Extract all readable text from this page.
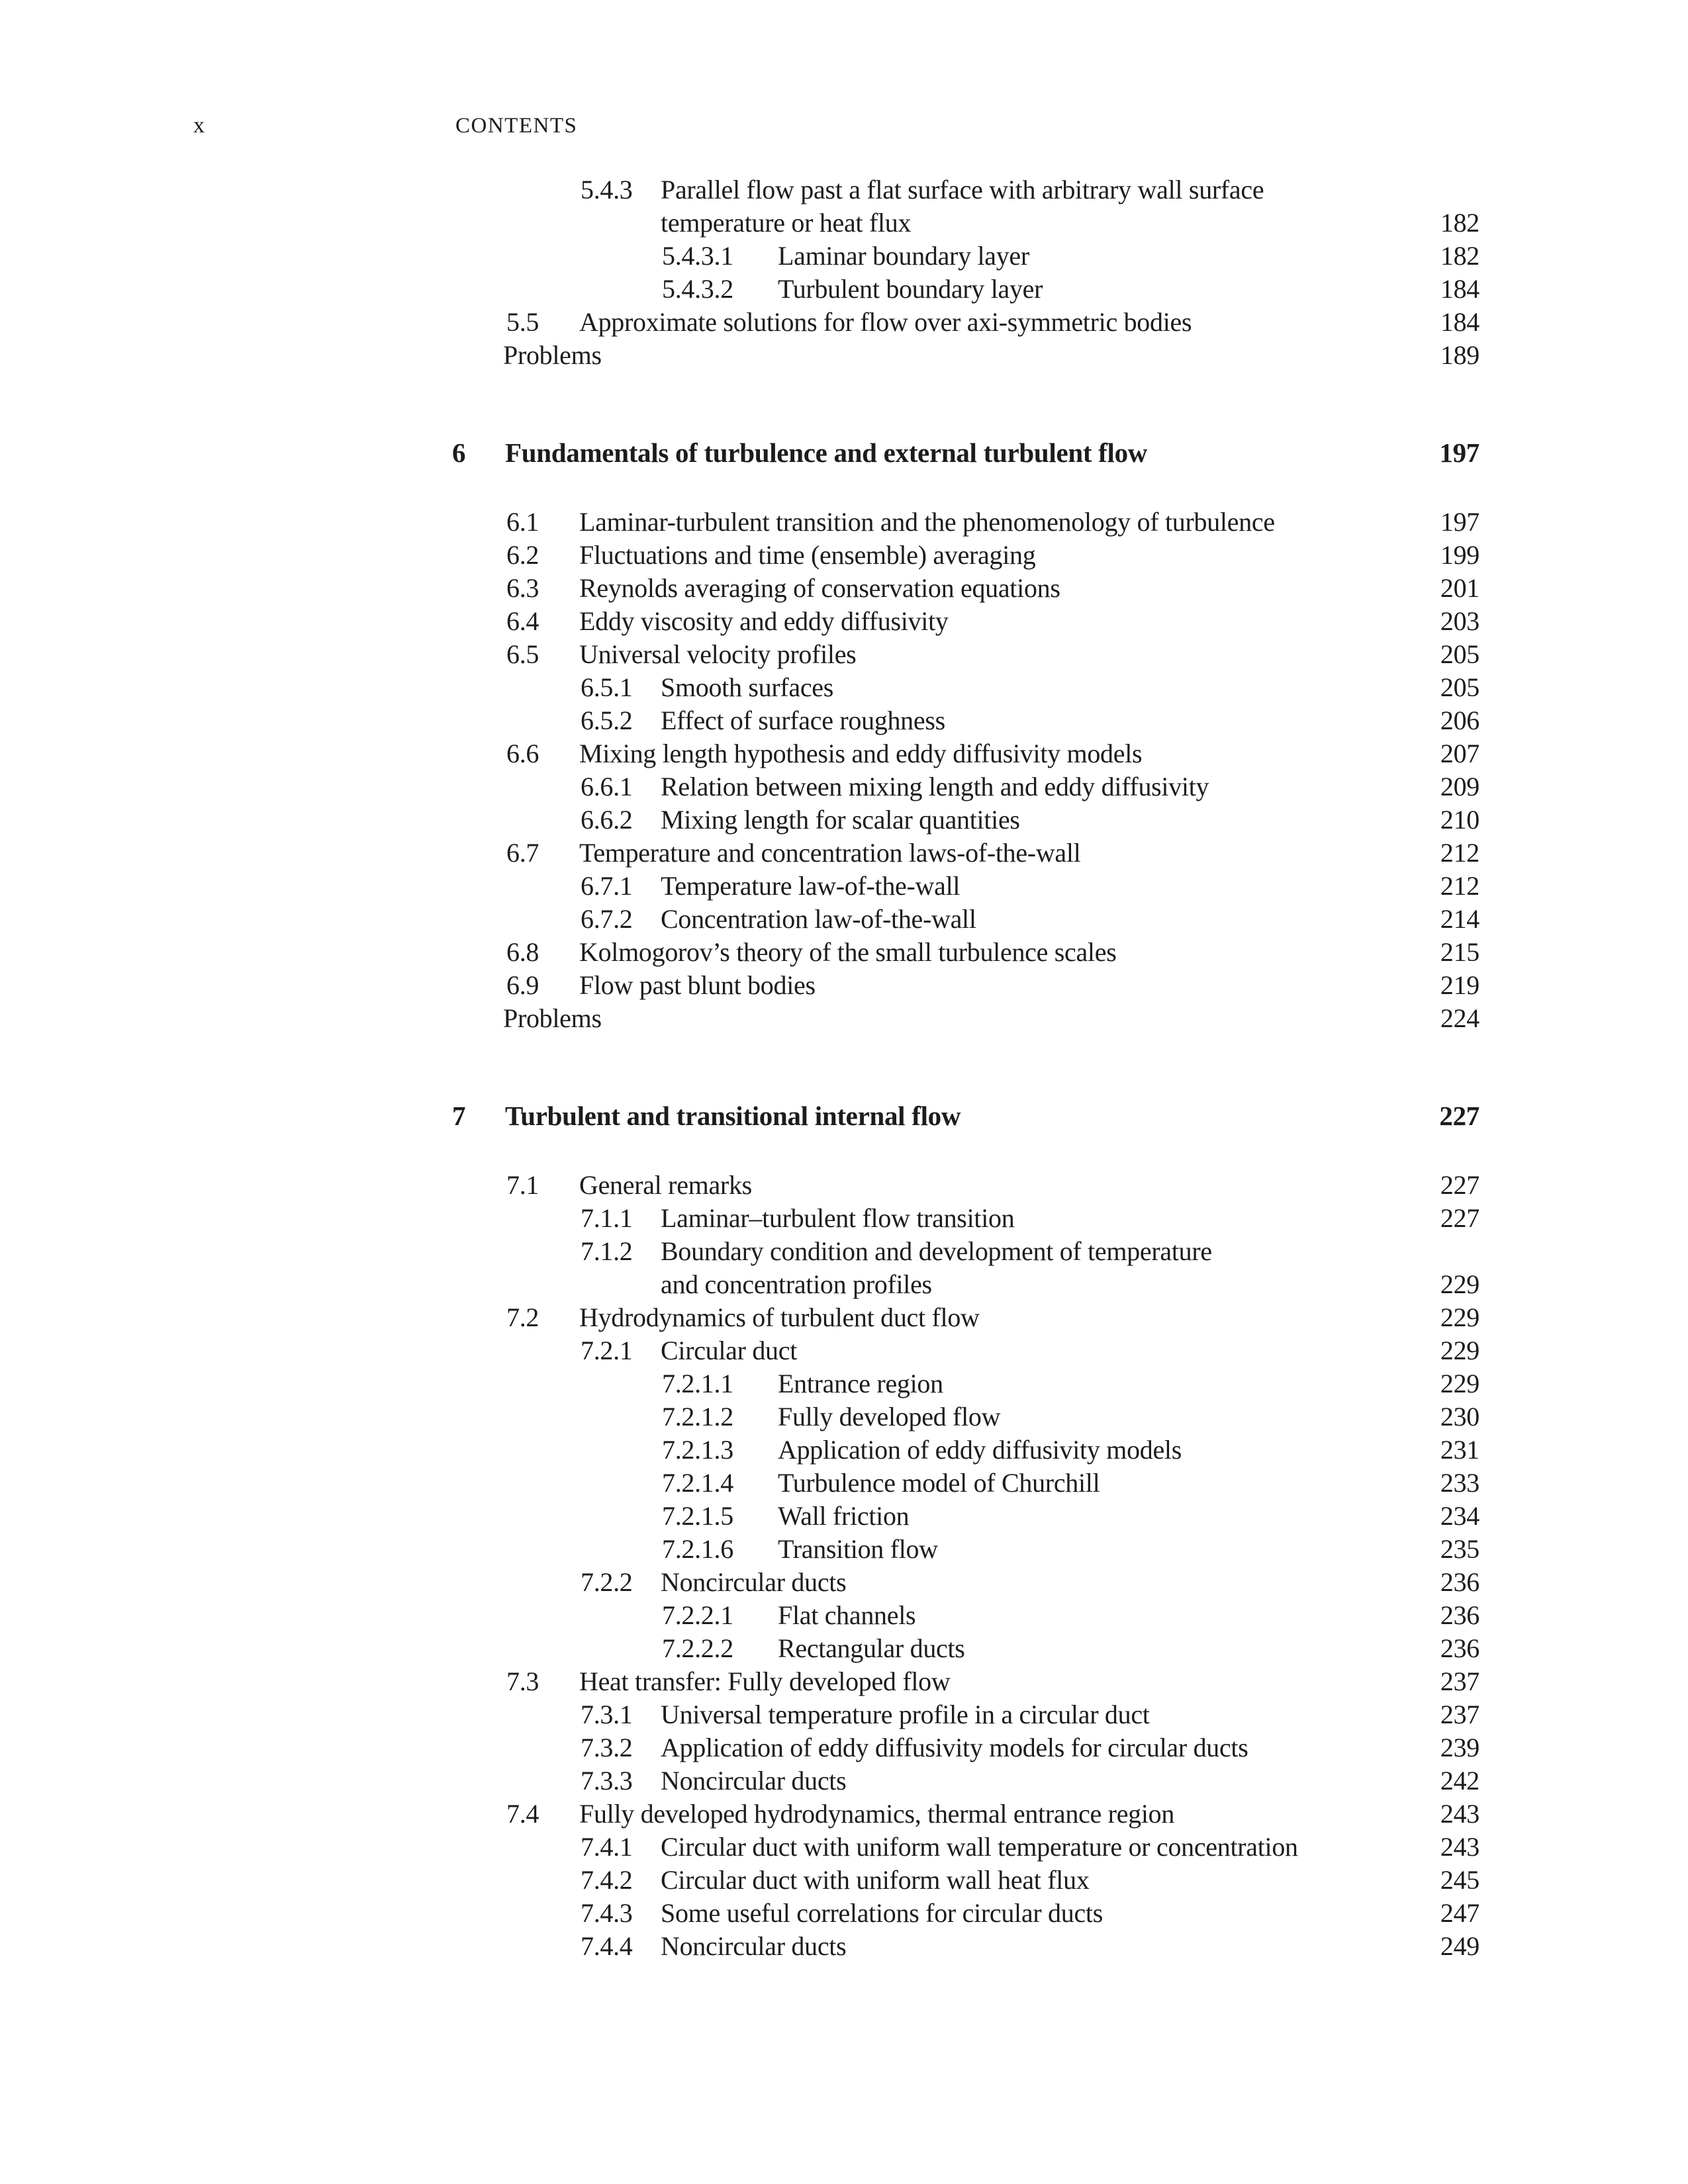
x	CONTENTS
5.4.3 Parallel flow past a flat surface with arbitrary wall surface
temperature or heat flux	182
5.4.3.1 Laminar boundary layer	182
5.4.3.2 Turbulent boundary layer	184
5.5 Approximate solutions for flow over axi-symmetric bodies	184
Problems	189
6 Fundamentals of turbulence and external turbulent flow	197
6.1 Laminar-turbulent transition and the phenomenology of turbulence	197
6.2 Fluctuations and time (ensemble) averaging	199
6.3 Reynolds averaging of conservation equations	201
6.4 Eddy viscosity and eddy diffusivity	203
6.5 Universal velocity profiles	205
6.5.1 Smooth surfaces	205
6.5.2 Effect of surface roughness	206
6.6 Mixing length hypothesis and eddy diffusivity models	207
6.6.1 Relation between mixing length and eddy diffusivity	209
6.6.2 Mixing length for scalar quantities	210
6.7 Temperature and concentration laws-of-the-wall	212
6.7.1 Temperature law-of-the-wall	212
6.7.2 Concentration law-of-the-wall	214
6.8 Kolmogorov’s theory of the small turbulence scales	215
6.9 Flow past blunt bodies	219
Problems	224
7 Turbulent and transitional internal flow	227
7.1 General remarks	227
7.1.1 Laminar–turbulent flow transition	227
7.1.2 Boundary condition and development of temperature
and concentration profiles	229
7.2 Hydrodynamics of turbulent duct flow	229
7.2.1 Circular duct	229
7.2.1.1 Entrance region	229
7.2.1.2 Fully developed flow	230
7.2.1.3 Application of eddy diffusivity models	231
7.2.1.4 Turbulence model of Churchill	233
7.2.1.5 Wall friction	234
7.2.1.6 Transition flow	235
7.2.2 Noncircular ducts	236
7.2.2.1 Flat channels	236
7.2.2.2 Rectangular ducts	236
7.3 Heat transfer: Fully developed flow	237
7.3.1 Universal temperature profile in a circular duct	237
7.3.2 Application of eddy diffusivity models for circular ducts	239
7.3.3 Noncircular ducts	242
7.4 Fully developed hydrodynamics, thermal entrance region	243
7.4.1 Circular duct with uniform wall temperature or concentration	243
7.4.2 Circular duct with uniform wall heat flux	245
7.4.3 Some useful correlations for circular ducts	247
7.4.4 Noncircular ducts	249
